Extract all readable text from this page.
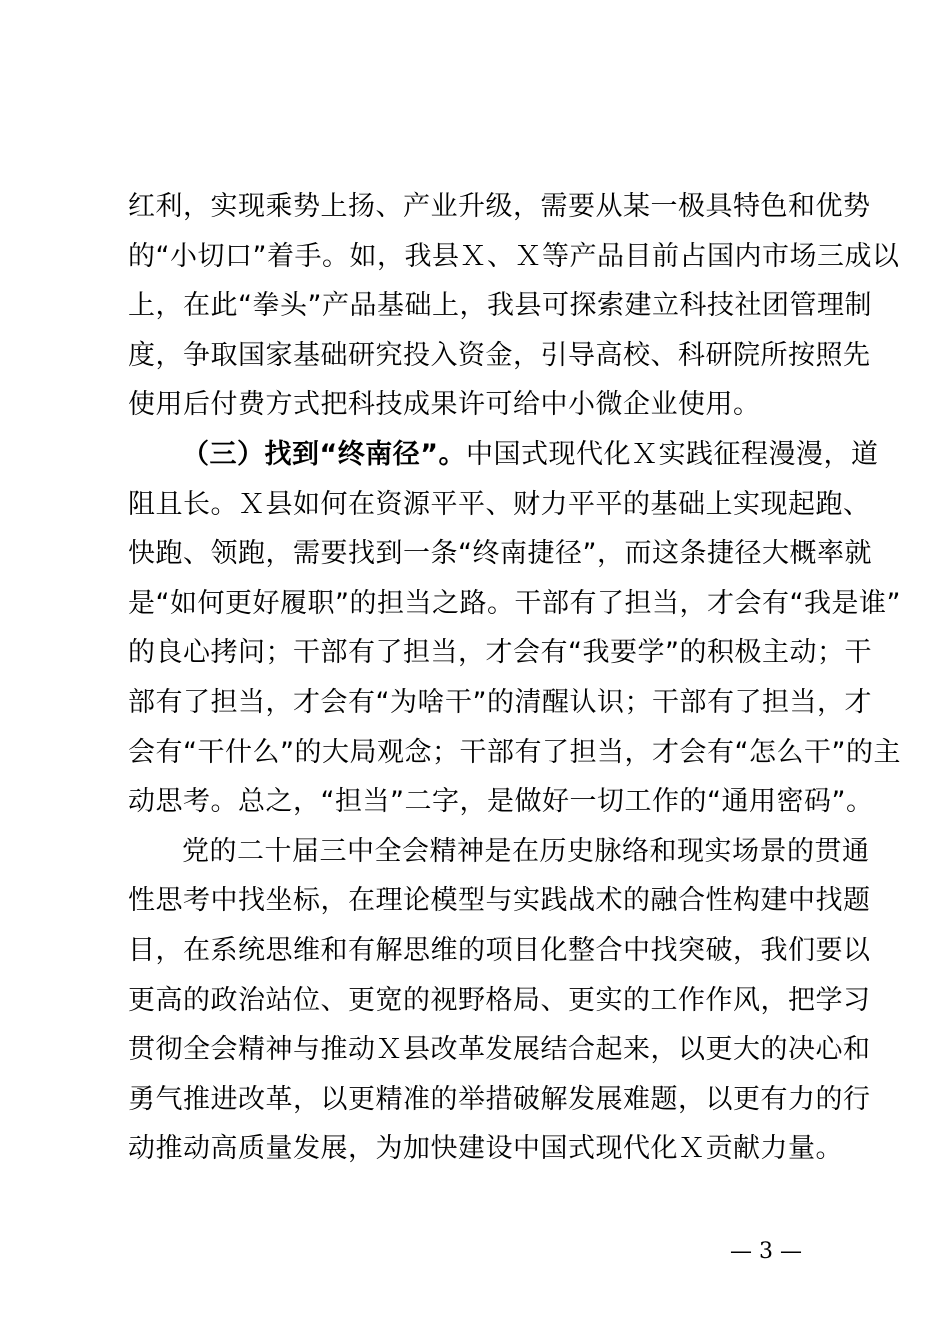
红利，实现乘势上扬、产业升级，需要从某一极具特色和优势
的“小切口”着手。如，我县Ｘ、Ｘ等产品目前占国内市场三成以
上，在此“拳头”产品基础上，我县可探索建立科技社团管理制
度，争取国家基础研究投入资金，引导高校、科研院所按照先
使用后付费方式把科技成果许可给中小微企业使用。
（三）找到“终南径”。中国式现代化Ｘ实践征程漫漫，道
阻且长。Ｘ县如何在资源平平、财力平平的基础上实现起跑、
快跑、领跑，需要找到一条“终南捷径”，而这条捷径大概率就
是“如何更好履职”的担当之路。干部有了担当，才会有“我是谁”
的良心拷问；干部有了担当，才会有“我要学”的积极主动；干
部有了担当，才会有“为啥干”的清醒认识；干部有了担当，才
会有“干什么”的大局观念；干部有了担当，才会有“怎么干”的主
动思考。总之，“担当”二字，是做好一切工作的“通用密码”。
党的二十届三中全会精神是在历史脉络和现实场景的贯通
性思考中找坐标，在理论模型与实践战术的融合性构建中找题
目，在系统思维和有解思维的项目化整合中找突破，我们要以
更高的政治站位、更宽的视野格局、更实的工作作风，把学习
贯彻全会精神与推动Ｘ县改革发展结合起来，以更大的决心和
勇气推进改革，以更精准的举措破解发展难题，以更有力的行
动推动高质量发展，为加快建设中国式现代化Ｘ贡献力量。
— 3 —
